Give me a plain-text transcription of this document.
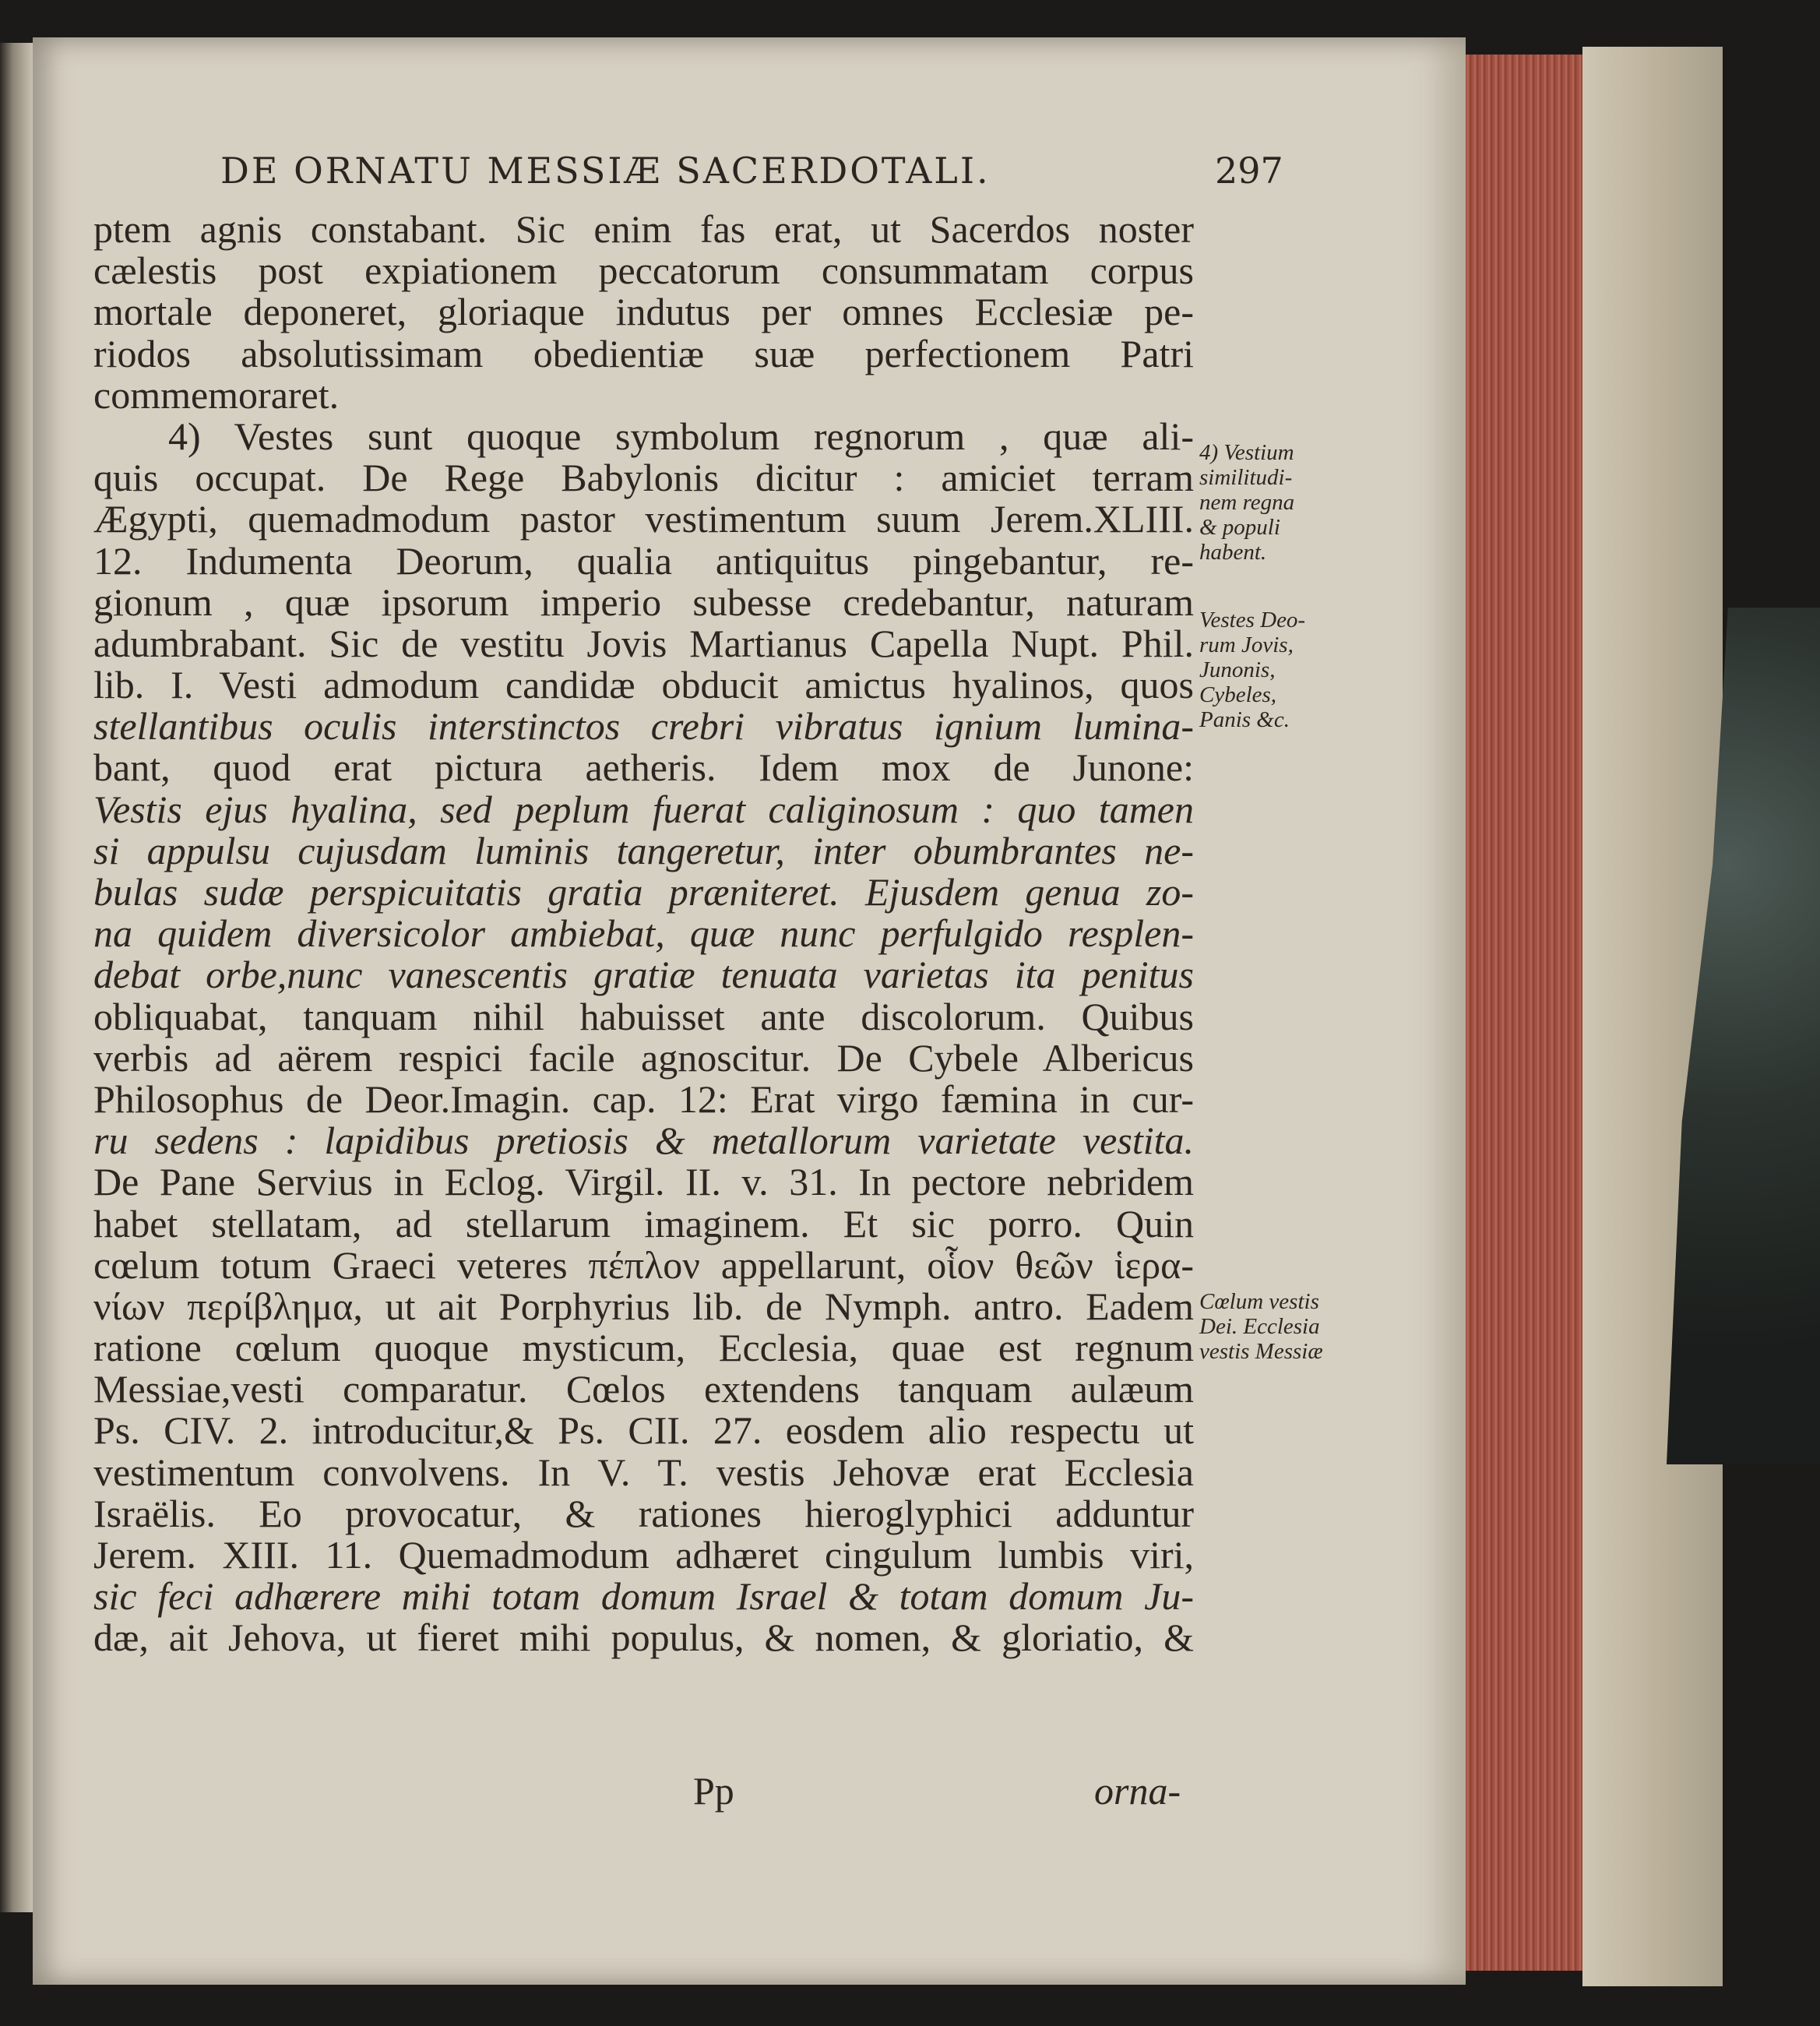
DE ORNATU MESSIÆ SACERDOTALI.	297
ptem agnis constabant. Sic enim fas erat, ut Sacerdos noster
cælestis post expiationem peccatorum consummatam corpus
mortale deponeret, gloriaque indutus per omnes Ecclesiæ pe-
riodos absolutissimam obedientiæ suæ perfectionem Patri
commemoraret.
4) Vestes sunt quoque symbolum regnorum , quæ ali-
quis occupat. De Rege Babylonis dicitur : amiciet terram
Ægypti, quemadmodum pastor vestimentum suum Jerem.XLIII.
12. Indumenta Deorum, qualia antiquitus pingebantur, re-
gionum , quæ ipsorum imperio subesse credebantur, naturam
adumbrabant. Sic de vestitu Jovis Martianus Capella Nupt. Phil.
lib. I. Vesti admodum candidæ obducit amictus hyalinos, quos
stellantibus oculis interstinctos crebri vibratus ignium lumina-
bant, quod erat pictura aetheris. Idem mox de Junone:
Vestis ejus hyalina, sed peplum fuerat caliginosum : quo tamen
si appulsu cujusdam luminis tangeretur, inter obumbrantes ne-
bulas sudæ perspicuitatis gratia præniteret. Ejusdem genua zo-
na quidem diversicolor ambiebat, quæ nunc perfulgido resplen-
debat orbe,nunc vanescentis gratiæ tenuata varietas ita penitus
obliquabat, tanquam nihil habuisset ante discolorum. Quibus
verbis ad aërem respici facile agnoscitur. De Cybele Albericus
Philosophus de Deor.Imagin. cap. 12: Erat virgo fæmina in cur-
ru sedens : lapidibus pretiosis & metallorum varietate vestita.
De Pane Servius in Eclog. Virgil. II. v. 31. In pectore nebridem
habet stellatam, ad stellarum imaginem. Et sic porro. Quin
cœlum totum Graeci veteres πέπλον appellarunt, οἷον θεῶν ἱερα-
νίων περίβλημα, ut ait Porphyrius lib. de Nymph. antro. Eadem
ratione cœlum quoque mysticum, Ecclesia, quae est regnum
Messiae,vesti comparatur. Cœlos extendens tanquam aulæum
Ps. CIV. 2. introducitur,& Ps. CII. 27. eosdem alio respectu ut
vestimentum convolvens. In V. T. vestis Jehovæ erat Ecclesia
Israëlis. Eo provocatur, & rationes hieroglyphici adduntur
Jerem. XIII. 11. Quemadmodum adhæret cingulum lumbis viri,
sic feci adhærere mihi totam domum Israel & totam domum Ju-
dæ, ait Jehova, ut fieret mihi populus, & nomen, & gloriatio, &
4) Vestium
similitudi-
nem regna
& populi
habent.
Vestes Deo-
rum Jovis,
Junonis,
Cybeles,
Panis &c.
Cœlum vestis
Dei. Ecclesia
vestis Messiæ
Pp	orna-
